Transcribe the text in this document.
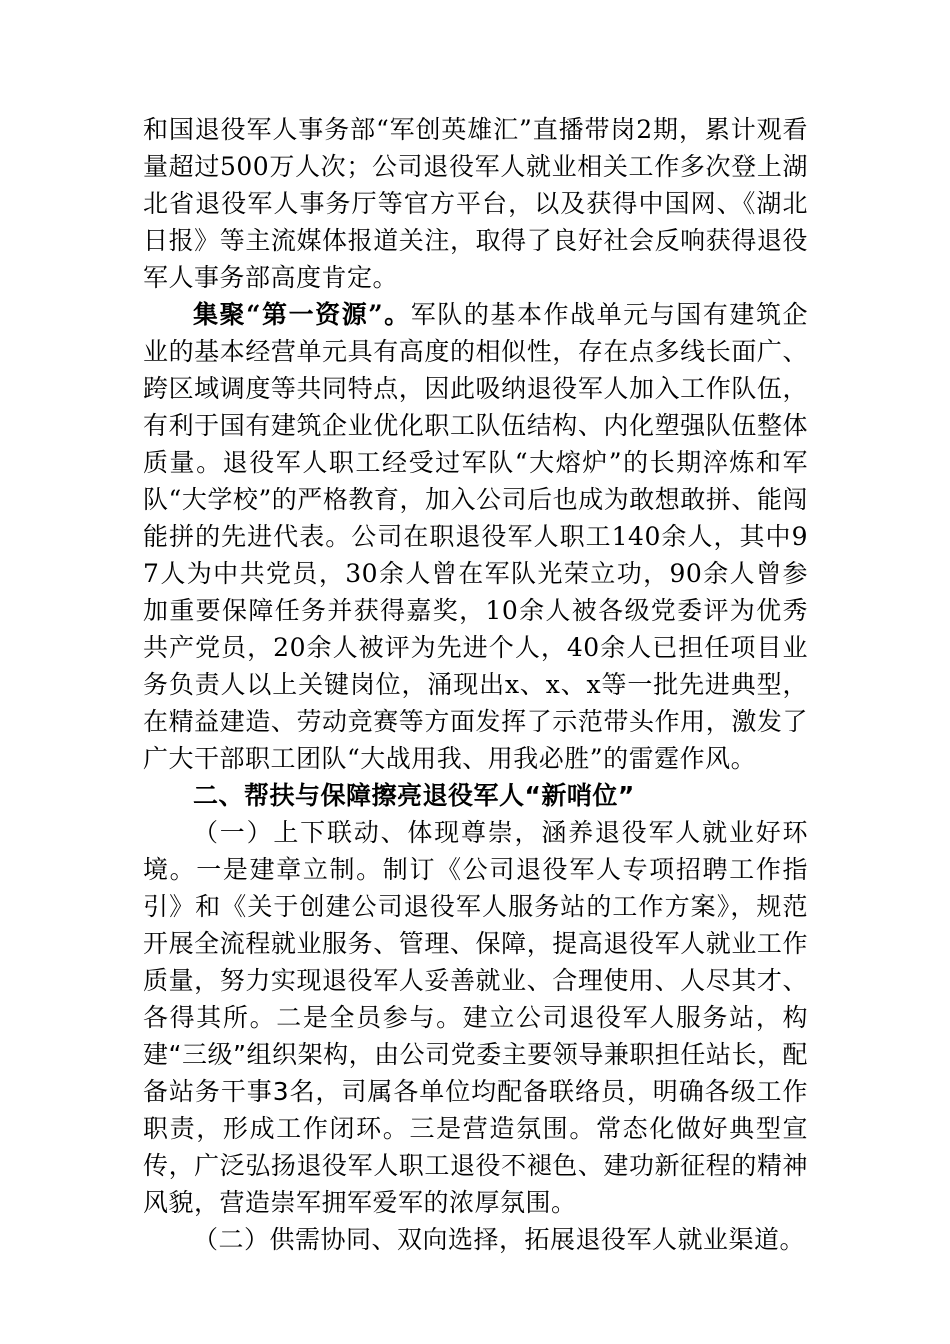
和国退役军人事务部“军创英雄汇”直播带岗2期，累计观看量超过500万人次；公司退役军人就业相关工作多次登上湖北省退役军人事务厅等官方平台，以及获得中国网、《湖北日报》等主流媒体报道关注，取得了良好社会反响获得退役军人事务部高度肯定。

集聚“第一资源”。军队的基本作战单元与国有建筑企业的基本经营单元具有高度的相似性，存在点多线长面广、跨区域调度等共同特点，因此吸纳退役军人加入工作队伍，有利于国有建筑企业优化职工队伍结构、内化塑强队伍整体质量。退役军人职工经受过军队“大熔炉”的长期淬炼和军队“大学校”的严格教育，加入公司后也成为敢想敢拼、能闯能拼的先进代表。公司在职退役军人职工140余人，其中97人为中共党员，30余人曾在军队光荣立功，90余人曾参加重要保障任务并获得嘉奖，10余人被各级党委评为优秀共产党员，20余人被评为先进个人，40余人已担任项目业务负责人以上关键岗位，涌现出x、x、x等一批先进典型，在精益建造、劳动竞赛等方面发挥了示范带头作用，激发了广大干部职工团队“大战用我、用我必胜”的雷霆作风。

二、帮扶与保障擦亮退役军人“新哨位”

（一）上下联动、体现尊崇，涵养退役军人就业好环境。一是建章立制。制订《公司退役军人专项招聘工作指引》和《关于创建公司退役军人服务站的工作方案》，规范开展全流程就业服务、管理、保障，提高退役军人就业工作质量，努力实现退役军人妥善就业、合理使用、人尽其才、各得其所。二是全员参与。建立公司退役军人服务站，构建“三级”组织架构，由公司党委主要领导兼职担任站长，配备站务干事3名，司属各单位均配备联络员，明确各级工作职责，形成工作闭环。三是营造氛围。常态化做好典型宣传，广泛弘扬退役军人职工退役不褪色、建功新征程的精神风貌，营造崇军拥军爱军的浓厚氛围。

（二）供需协同、双向选择，拓展退役军人就业渠道。
